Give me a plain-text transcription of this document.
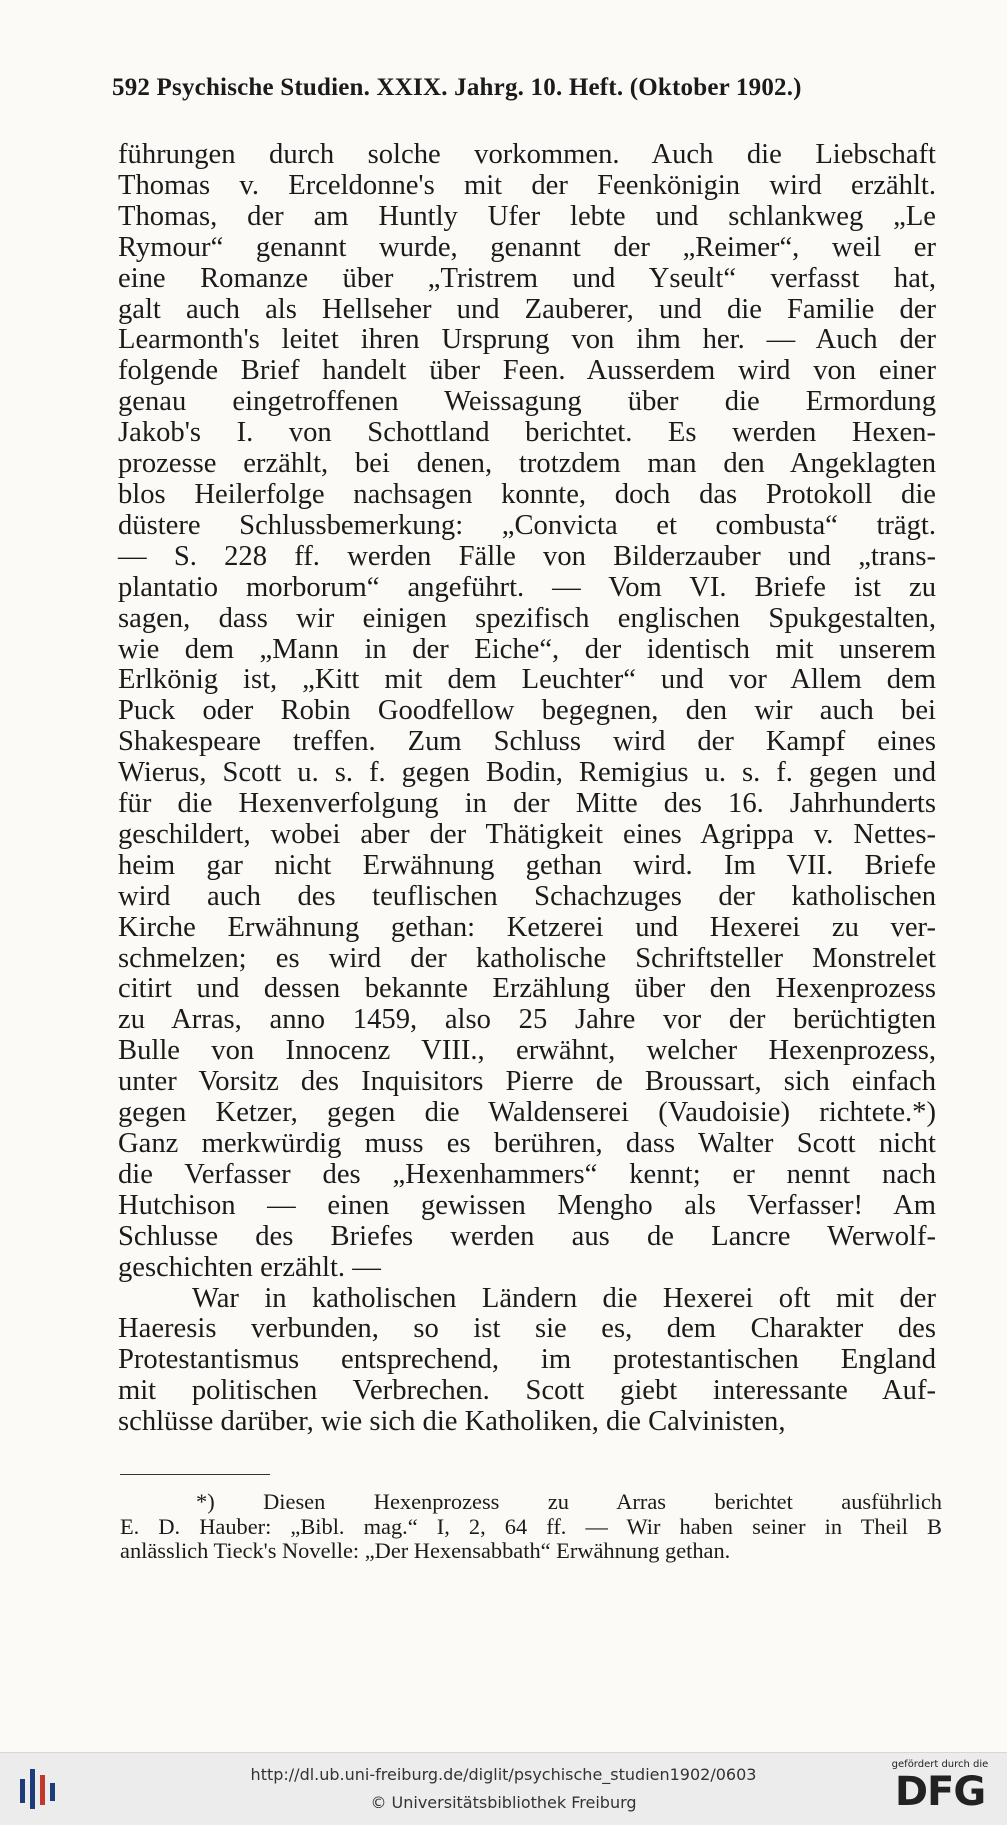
592 Psychische Studien. XXIX. Jahrg. 10. Heft. (Oktober 1902.)
führungen durch solche vorkommen. Auch die Liebschaft
Thomas v. Erceldonne's mit der Feenkönigin wird erzählt.
Thomas, der am Huntly Ufer lebte und schlankweg „Le
Rymour“ genannt wurde, genannt der „Reimer“, weil er
eine Romanze über „Tristrem und Yseult“ verfasst hat,
galt auch als Hellseher und Zauberer, und die Familie der
Learmonth's leitet ihren Ursprung von ihm her. — Auch der
folgende Brief handelt über Feen. Ausserdem wird von einer
genau eingetroffenen Weissagung über die Ermordung
Jakob's I. von Schottland berichtet. Es werden Hexen-
prozesse erzählt, bei denen, trotzdem man den Angeklagten
blos Heilerfolge nachsagen konnte, doch das Protokoll die
düstere Schlussbemerkung: „Convicta et combusta“ trägt.
— S. 228 ff. werden Fälle von Bilderzauber und „trans-
plantatio morborum“ angeführt. — Vom VI. Briefe ist zu
sagen, dass wir einigen spezifisch englischen Spukgestalten,
wie dem „Mann in der Eiche“, der identisch mit unserem
Erlkönig ist, „Kitt mit dem Leuchter“ und vor Allem dem
Puck oder Robin Goodfellow begegnen, den wir auch bei
Shakespeare treffen. Zum Schluss wird der Kampf eines
Wierus, Scott u. s. f. gegen Bodin, Remigius u. s. f. gegen und
für die Hexenverfolgung in der Mitte des 16. Jahrhunderts
geschildert, wobei aber der Thätigkeit eines Agrippa v. Nettes-
heim gar nicht Erwähnung gethan wird. Im VII. Briefe
wird auch des teuflischen Schachzuges der katholischen
Kirche Erwähnung gethan: Ketzerei und Hexerei zu ver-
schmelzen; es wird der katholische Schriftsteller Monstrelet
citirt und dessen bekannte Erzählung über den Hexenprozess
zu Arras, anno 1459, also 25 Jahre vor der berüchtigten
Bulle von Innocenz VIII., erwähnt, welcher Hexenprozess,
unter Vorsitz des Inquisitors Pierre de Broussart, sich einfach
gegen Ketzer, gegen die Waldenserei (Vaudoisie) richtete.*)
Ganz merkwürdig muss es berühren, dass Walter Scott nicht
die Verfasser des „Hexenhammers“ kennt; er nennt nach
Hutchison — einen gewissen Mengho als Verfasser! Am
Schlusse des Briefes werden aus de Lancre Werwolf-
geschichten erzählt. —
War in katholischen Ländern die Hexerei oft mit der
Haeresis verbunden, so ist sie es, dem Charakter des
Protestantismus entsprechend, im protestantischen England
mit politischen Verbrechen. Scott giebt interessante Auf-
schlüsse darüber, wie sich die Katholiken, die Calvinisten,
*) Diesen Hexenprozess zu Arras berichtet ausführlich
E. D. Hauber: „Bibl. mag.“ I, 2, 64 ff. — Wir haben seiner in Theil B
anlässlich Tieck's Novelle: „Der Hexensabbath“ Erwähnung gethan.
http://dl.ub.uni-freiburg.de/diglit/psychische_studien1902/0603
© Universitätsbibliothek Freiburg
gefördert durch die
DFG
